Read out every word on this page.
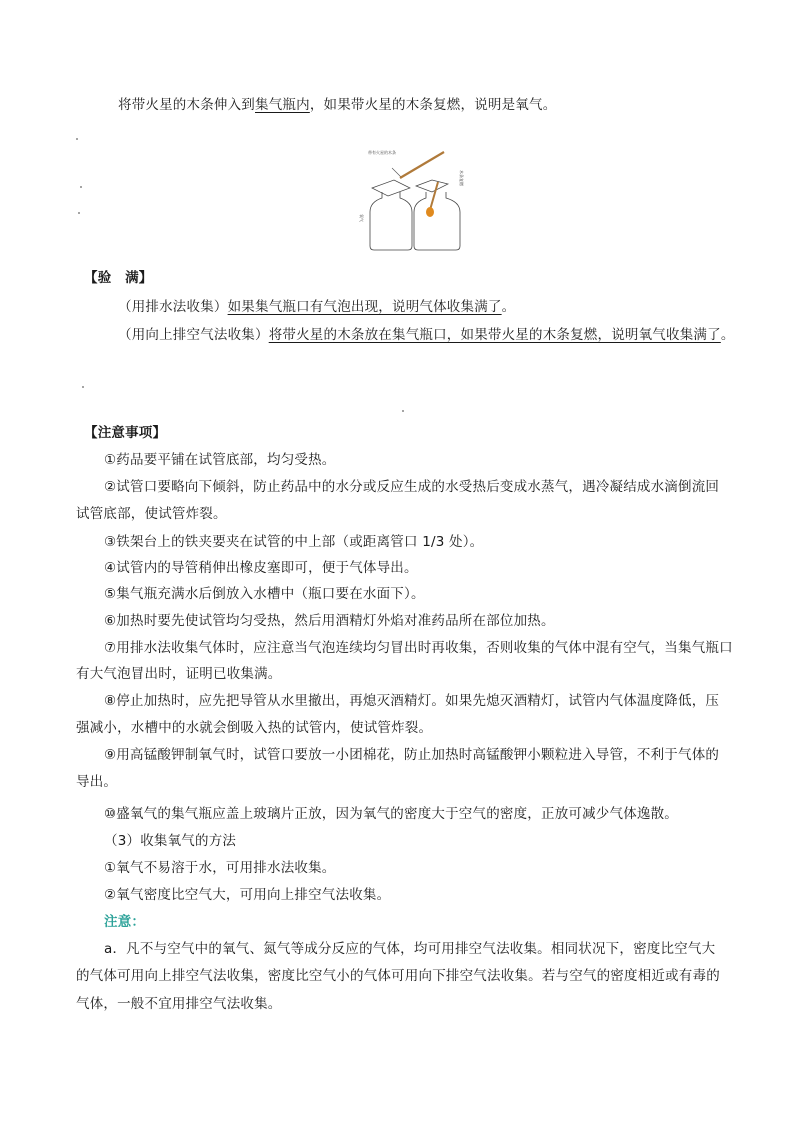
将带火星的木条伸入到集气瓶内，如果带火星的木条复燃，说明是氧气。
带有火星的木条
氧气
木条复燃
【验　满】
（用排水法收集）如果集气瓶口有气泡出现，说明气体收集满了。
（用向上排空气法收集）将带火星的木条放在集气瓶口，如果带火星的木条复燃，说明氧气收集满了。
【注意事项】
①药品要平铺在试管底部，均匀受热。
②试管口要略向下倾斜，防止药品中的水分或反应生成的水受热后变成水蒸气，遇冷凝结成水滴倒流回
试管底部，使试管炸裂。
③铁架台上的铁夹要夹在试管的中上部（或距离管口 1/3 处）。
④试管内的导管稍伸出橡皮塞即可，便于气体导出。
⑤集气瓶充满水后倒放入水槽中（瓶口要在水面下）。
⑥加热时要先使试管均匀受热，然后用酒精灯外焰对准药品所在部位加热。
⑦用排水法收集气体时，应注意当气泡连续均匀冒出时再收集，否则收集的气体中混有空气，当集气瓶口
有大气泡冒出时，证明已收集满。
⑧停止加热时，应先把导管从水里撤出，再熄灭酒精灯。如果先熄灭酒精灯，试管内气体温度降低，压
强减小，水槽中的水就会倒吸入热的试管内，使试管炸裂。
⑨用高锰酸钾制氧气时，试管口要放一小团棉花，防止加热时高锰酸钾小颗粒进入导管，不利于气体的
导出。
⑩盛氧气的集气瓶应盖上玻璃片正放，因为氧气的密度大于空气的密度，正放可减少气体逸散。
（3）收集氧气的方法
①氧气不易溶于水，可用排水法收集。
②氧气密度比空气大，可用向上排空气法收集。
注意：
a．凡不与空气中的氧气、氮气等成分反应的气体，均可用排空气法收集。相同状况下，密度比空气大
的气体可用向上排空气法收集，密度比空气小的气体可用向下排空气法收集。若与空气的密度相近或有毒的
气体，一般不宜用排空气法收集。
